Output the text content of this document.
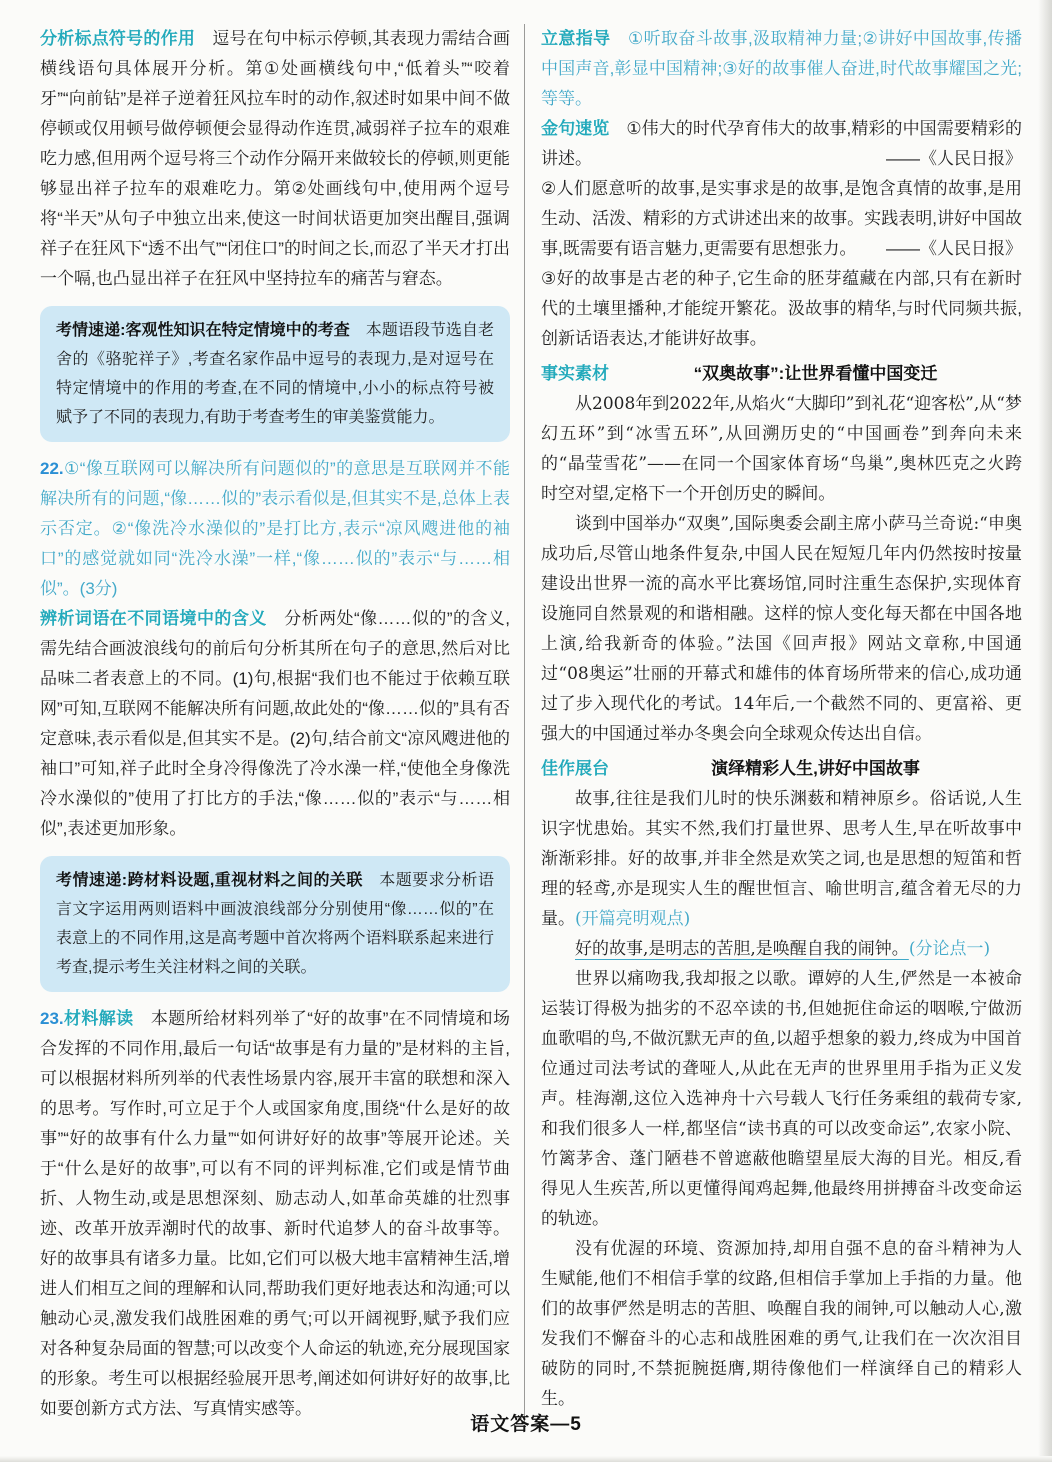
分析标点符号的作用  逗号在句中标示停顿,其表现力需结合画横线语句具体展开分析。第①处画横线句中,“低着头”“咬着牙”“向前钻”是祥子逆着狂风拉车时的动作,叙述时如果中间不做停顿或仅用顿号做停顿便会显得动作连贯,减弱祥子拉车的艰难吃力感,但用两个逗号将三个动作分隔开来做较长的停顿,则更能够显出祥子拉车的艰难吃力。第②处画线句中,使用两个逗号将“半天”从句子中独立出来,使这一时间状语更加突出醒目,强调祥子在狂风下“透不出气”“闭住口”的时间之长,而忍了半天才打出一个嗝,也凸显出祥子在狂风中坚持拉车的痛苦与窘态。

考情速递:客观性知识在特定情境中的考查  本题语段节选自老舍的《骆驼祥子》,考查名家作品中逗号的表现力,是对逗号在特定情境中的作用的考查,在不同的情境中,小小的标点符号被赋予了不同的表现力,有助于考查考生的审美鉴赏能力。

22.①“像互联网可以解决所有问题似的”的意思是互联网并不能解决所有的问题,“像……似的”表示看似是,但其实不是,总体上表示否定。②“像洗冷水澡似的”是打比方,表示“凉风飕进他的袖口”的感觉就如同“洗冷水澡”一样,“像……似的”表示“与……相似”。(3分)

辨析词语在不同语境中的含义  分析两处“像……似的”的含义,需先结合画波浪线句的前后句分析其所在句子的意思,然后对比品味二者表意上的不同。(1)句,根据“我们也不能过于依赖互联网”可知,互联网不能解决所有问题,故此处的“像……似的”具有否定意味,表示看似是,但其实不是。(2)句,结合前文“凉风飕进他的袖口”可知,祥子此时全身冷得像洗了冷水澡一样,“使他全身像洗冷水澡似的”使用了打比方的手法,“像……似的”表示“与……相似”,表述更加形象。

考情速递:跨材料设题,重视材料之间的关联  本题要求分析语言文字运用两则语料中画波浪线部分分别使用“像……似的”在表意上的不同作用,这是高考题中首次将两个语料联系起来进行考查,提示考生关注材料之间的关联。

23.材料解读  本题所给材料列举了“好的故事”在不同情境和场合发挥的不同作用,最后一句话“故事是有力量的”是材料的主旨,可以根据材料所列举的代表性场景内容,展开丰富的联想和深入的思考。写作时,可立足于个人或国家角度,围绕“什么是好的故事”“好的故事有什么力量”“如何讲好好的故事”等展开论述。关于“什么是好的故事”,可以有不同的评判标准,它们或是情节曲折、人物生动,或是思想深刻、励志动人,如革命英雄的壮烈事迹、改革开放弄潮时代的故事、新时代追梦人的奋斗故事等。好的故事具有诸多力量。比如,它们可以极大地丰富精神生活,增进人们相互之间的理解和认同,帮助我们更好地表达和沟通;可以触动心灵,激发我们战胜困难的勇气;可以开阔视野,赋予我们应对各种复杂局面的智慧;可以改变个人命运的轨迹,充分展现国家的形象。考生可以根据经验展开思考,阐述如何讲好好的故事,比如要创新方式方法、写真情实感等。

立意指导  ①听取奋斗故事,汲取精神力量;②讲好中国故事,传播中国声音,彰显中国精神;③好的故事催人奋进,时代故事耀国之光;等等。

金句速览  ①伟大的时代孕育伟大的故事,精彩的中国需要精彩的讲述。	——《人民日报》

②人们愿意听的故事,是实事求是的故事,是饱含真情的故事,是用生动、活泼、精彩的方式讲述出来的故事。实践表明,讲好中国故事,既需要有语言魅力,更需要有思想张力。 ——《人民日报》

③好的故事是古老的种子,它生命的胚芽蕴藏在内部,只有在新时代的土壤里播种,才能绽开繁花。汲故事的精华,与时代同频共振,创新话语表达,才能讲好故事。

事实素材	“双奥故事”:让世界看懂中国变迁

从2008年到2022年,从焰火“大脚印”到礼花“迎客松”,从“梦幻五环”到“冰雪五环”,从回溯历史的“中国画卷”到奔向未来的“晶莹雪花”——在同一个国家体育场“鸟巢”,奥林匹克之火跨时空对望,定格下一个开创历史的瞬间。

谈到中国举办“双奥”,国际奥委会副主席小萨马兰奇说:“申奥成功后,尽管山地条件复杂,中国人民在短短几年内仍然按时按量建设出世界一流的高水平比赛场馆,同时注重生态保护,实现体育设施同自然景观的和谐相融。这样的惊人变化每天都在中国各地上演,给我新奇的体验。”法国《回声报》网站文章称,中国通过“08奥运”壮丽的开幕式和雄伟的体育场所带来的信心,成功通过了步入现代化的考试。14年后,一个截然不同的、更富裕、更强大的中国通过举办冬奥会向全球观众传达出自信。

佳作展台	演绎精彩人生,讲好中国故事

故事,往往是我们儿时的快乐渊薮和精神原乡。俗话说,人生识字忧患始。其实不然,我们打量世界、思考人生,早在听故事中渐渐彩排。好的故事,并非全然是欢笑之词,也是思想的短笛和哲理的轻鸢,亦是现实人生的醒世恒言、喻世明言,蕴含着无尽的力量。(开篇亮明观点)

好的故事,是明志的苦胆,是唤醒自我的闹钟。(分论点一)

世界以痛吻我,我却报之以歌。谭婷的人生,俨然是一本被命运装订得极为拙劣的不忍卒读的书,但她扼住命运的咽喉,宁做沥血歌唱的鸟,不做沉默无声的鱼,以超乎想象的毅力,终成为中国首位通过司法考试的聋哑人,从此在无声的世界里用手指为正义发声。桂海潮,这位入选神舟十六号载人飞行任务乘组的载荷专家,和我们很多人一样,都坚信“读书真的可以改变命运”,农家小院、竹篱茅舍、蓬门陋巷不曾遮蔽他瞻望星辰大海的目光。相反,看得见人生疾苦,所以更懂得闻鸡起舞,他最终用拼搏奋斗改变命运的轨迹。

没有优渥的环境、资源加持,却用自强不息的奋斗精神为人生赋能,他们不相信手掌的纹路,但相信手掌加上手指的力量。他们的故事俨然是明志的苦胆、唤醒自我的闹钟,可以触动人心,激发我们不懈奋斗的心志和战胜困难的勇气,让我们在一次次泪目破防的同时,不禁扼腕挺膺,期待像他们一样演绎自己的精彩人生。

语文答案—5
